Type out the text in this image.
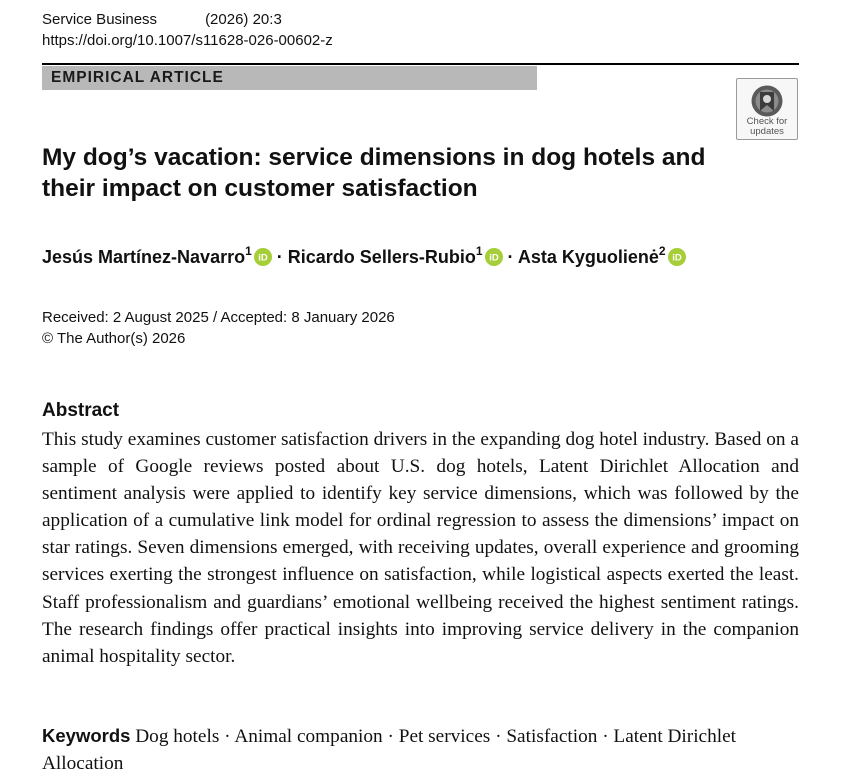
Service Business	(2026) 20:3
https://doi.org/10.1007/s11628-026-00602-z
EMPIRICAL ARTICLE
Check for
updates
My dog’s vacation: service dimensions in dog hotels and
their impact on customer satisfaction
Jesús Martínez-Navarro$^1$
iD · Ricardo Sellers-Rubio$^1$
iD · Asta Kyguolienė$^2$
iD
Received: 2 August 2025 / Accepted: 8 January 2026
© The Author(s) 2026
Abstract

This study examines customer satisfaction drivers in the expanding dog hotel industry. Based on a sample of Google reviews posted about U.S. dog hotels, Latent Dirichlet Allocation and sentiment analysis were applied to identify key service dimensions, which was followed by the application of a cumulative link model for ordinal regression to assess the dimensions’ impact on star ratings. Seven dimensions emerged, with receiving updates, overall experience and grooming services exerting the strongest influence on satisfaction, while logistical aspects exerted the least. Staff professionalism and guardians’ emotional wellbeing received the highest sentiment ratings. The research findings offer practical insights into improving service delivery in the companion animal hospitality sector.

Keywords Dog hotels · Animal companion · Pet services · Satisfaction · Latent Dirichlet Allocation
